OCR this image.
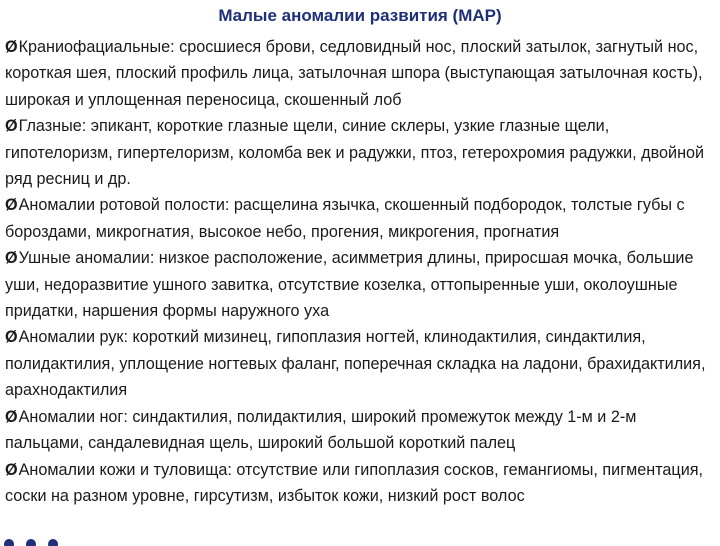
Малые аномалии развития (МАР)
ØКраниофациальные: сросшиеся брови, седловидный нос, плоский затылок, загнутый нос, короткая шея, плоский профиль лица, затылочная шпора (выступающая затылочная кость), широкая и уплощенная переносица, скошенный лоб
ØГлазные: эпикант, короткие глазные щели, синие склеры, узкие глазные щели, гипотелоризм, гипертелоризм, коломба век и радужки, птоз, гетерохромия радужки, двойной ряд ресниц и др.
ØАномалии ротовой полости: расщелина язычка, скошенный подбородок, толстые губы с бороздами, микрогнатия, высокое небо, прогения, микрогения, прогнатия
ØУшные аномалии: низкое расположение, асимметрия длины, приросшая мочка, большие уши, недоразвитие ушного завитка, отсутствие козелка, оттопыренные уши, околоушные придатки, наршения формы наружного уха
ØАномалии рук: короткий мизинец, гипоплазия ногтей, клинодактилия, синдактилия, полидактилия, уплощение ногтевых фаланг, поперечная складка на ладони, брахидактилия, арахнодактилия
ØАномалии ног: синдактилия, полидактилия, широкий промежуток между 1-м и 2-м пальцами, сандалевидная щель, широкий большой короткий палец
ØАномалии кожи и туловища: отсутствие или гипоплазия сосков, гемангиомы, пигментация, соски на разном уровне, гирсутизм, избыток кожи, низкий рост волос
